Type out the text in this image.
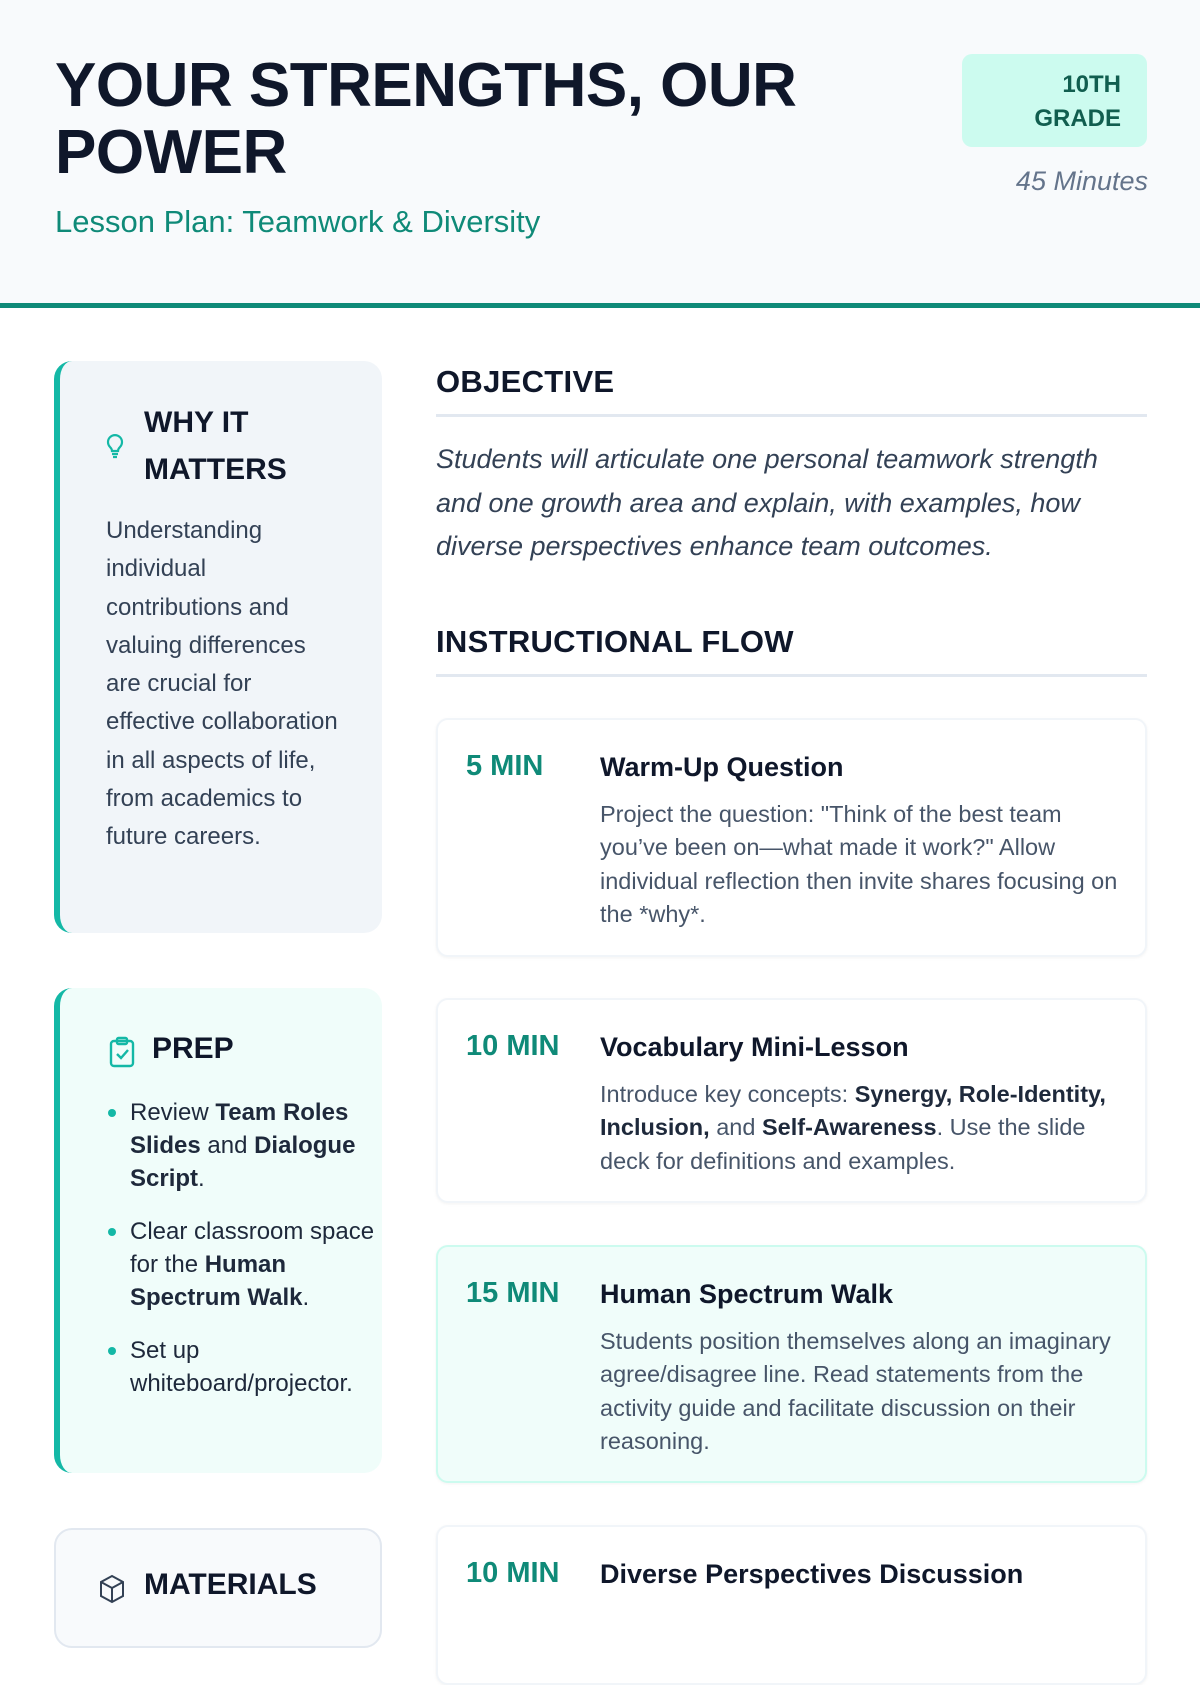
YOUR STRENGTHS, OUR POWER
Lesson Plan: Teamwork & Diversity
10TH GRADE
45 Minutes
WHY IT MATTERS

Understanding individual contributions and valuing differences are crucial for effective collaboration in all aspects of life, from academics to future careers.

PREP
Review Team Roles Slides and Dialogue Script.
Clear classroom space for the Human Spectrum Walk.
Set up whiteboard/projector.
MATERIALS
OBJECTIVE

Students will articulate one personal teamwork strength and one growth area and explain, with examples, how diverse perspectives enhance team outcomes.

INSTRUCTIONAL FLOW
5 MIN Warm-Up Question
Project the question: "Think of the best team you’ve been on—what made it work?" Allow individual reflection then invite shares focusing on the *why*.
10 MIN Vocabulary Mini-Lesson
Introduce key concepts: Synergy, Role-Identity, Inclusion, and Self-Awareness. Use the slide deck for definitions and examples.
15 MIN Human Spectrum Walk
Students position themselves along an imaginary agree/disagree line. Read statements from the activity guide and facilitate discussion on their reasoning.
10 MIN Diverse Perspectives Discussion
